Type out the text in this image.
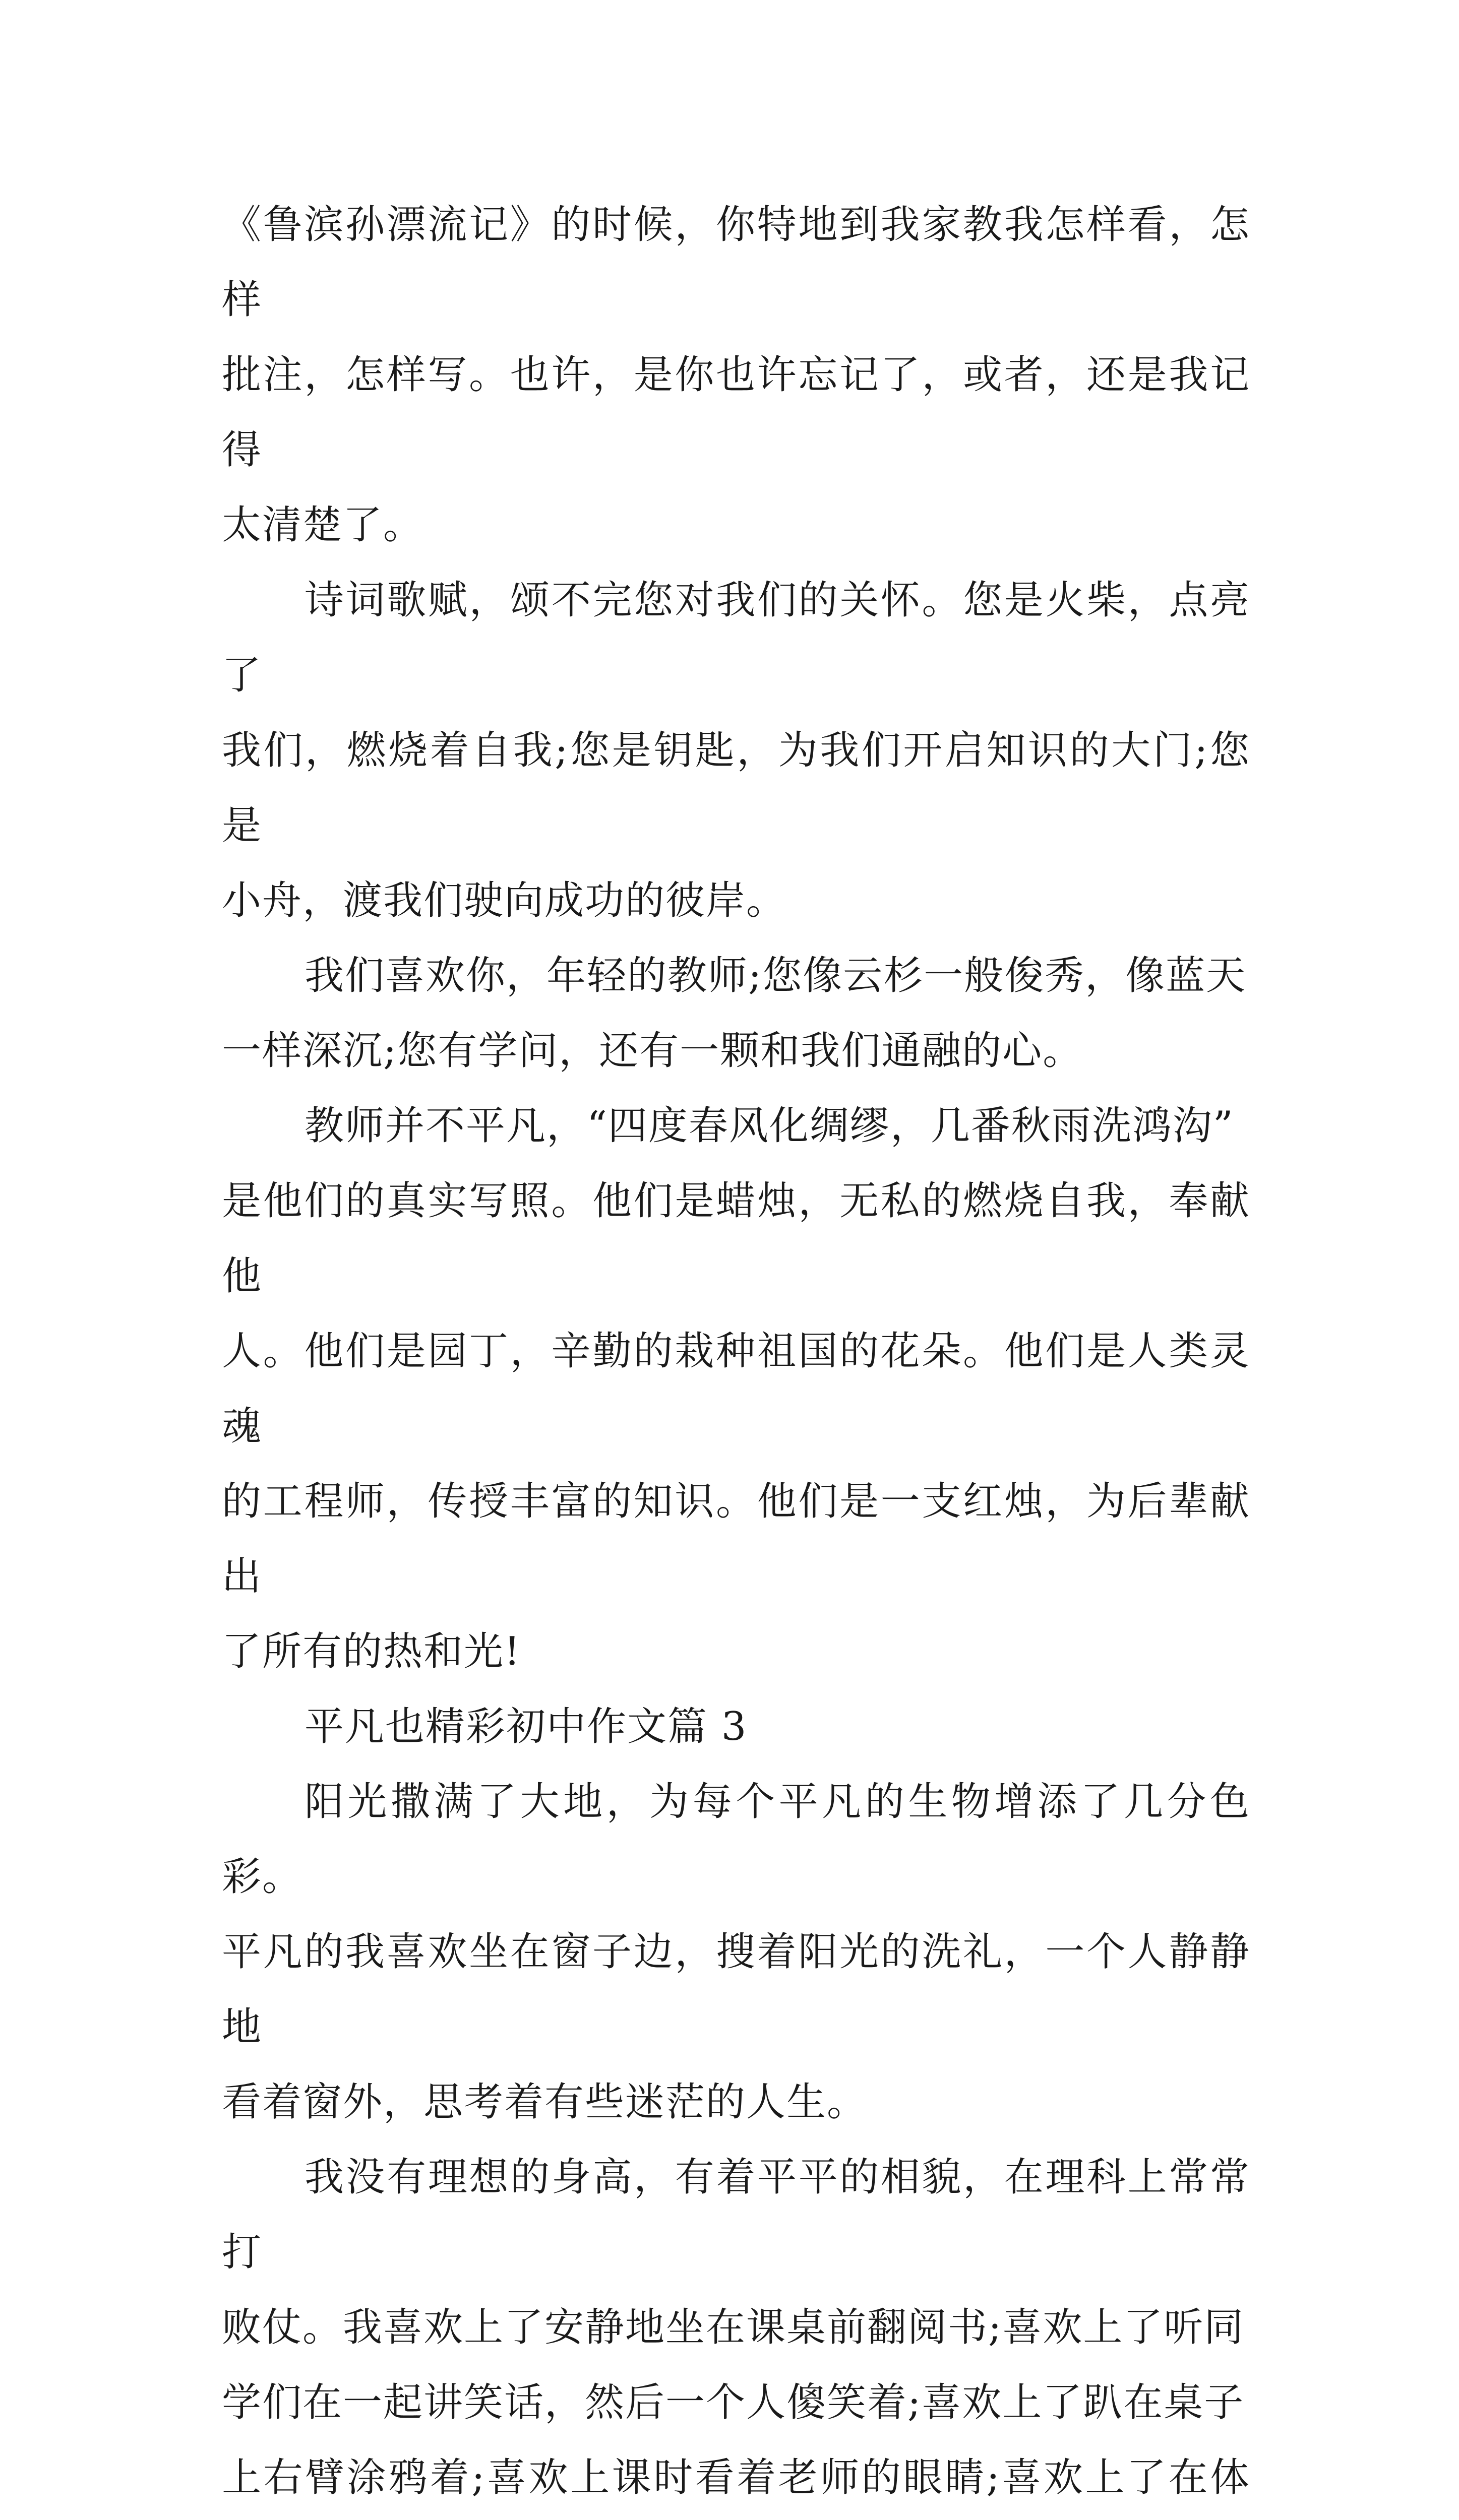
《鲁滨孙漂流记》的时候，你特地到我家教我怎样看，怎样
批注，怎样写。也许，是你也许忘记了，或者，还是我记得
太清楚了。

诗词歌赋，颂不完您对我们的关怀。您是火柴，点亮了
我们，燃烧着自我;您是钥匙，为我们开启知识的大门;您是
小舟，渡我们驶向成功的彼岸。

我们喜欢你，年轻的教师;您像云杉一般俊秀，像蓝天
一样深沉;您有学问，还有一颗和我们通融的心。

教师并不平凡，“四度春风化绸缪，几番秋雨洗鸿沟”
是他们的真实写照。他们是蜡烛，无私的燃烧自我，奉献他
人。他们是园丁，辛勤的栽种祖国的花朵。他们是人类灵魂
的工程师，传授丰富的知识。他们是一支红烛，为后辈献出
了所有的热和光!

平凡也精彩初中作文篇 3

阳光撒满了大地，为每个平凡的生物增添了几分色彩。
平凡的我喜欢坐在窗子边，搜着阳光的洗礼，一个人静静地
看着窗外，思考着有些迷茫的人生。

我没有理想的身高，有着平平的相貌，在理科上常常打
败仗。我喜欢上了安静地坐在课桌前翻阅书;喜欢上了听同
学们在一起讲笑话，然后一个人傻笑着;喜欢上了趴在桌子
上右臂涂鸦着;喜欢上课时看着老师的眼睛;喜欢上了在体
